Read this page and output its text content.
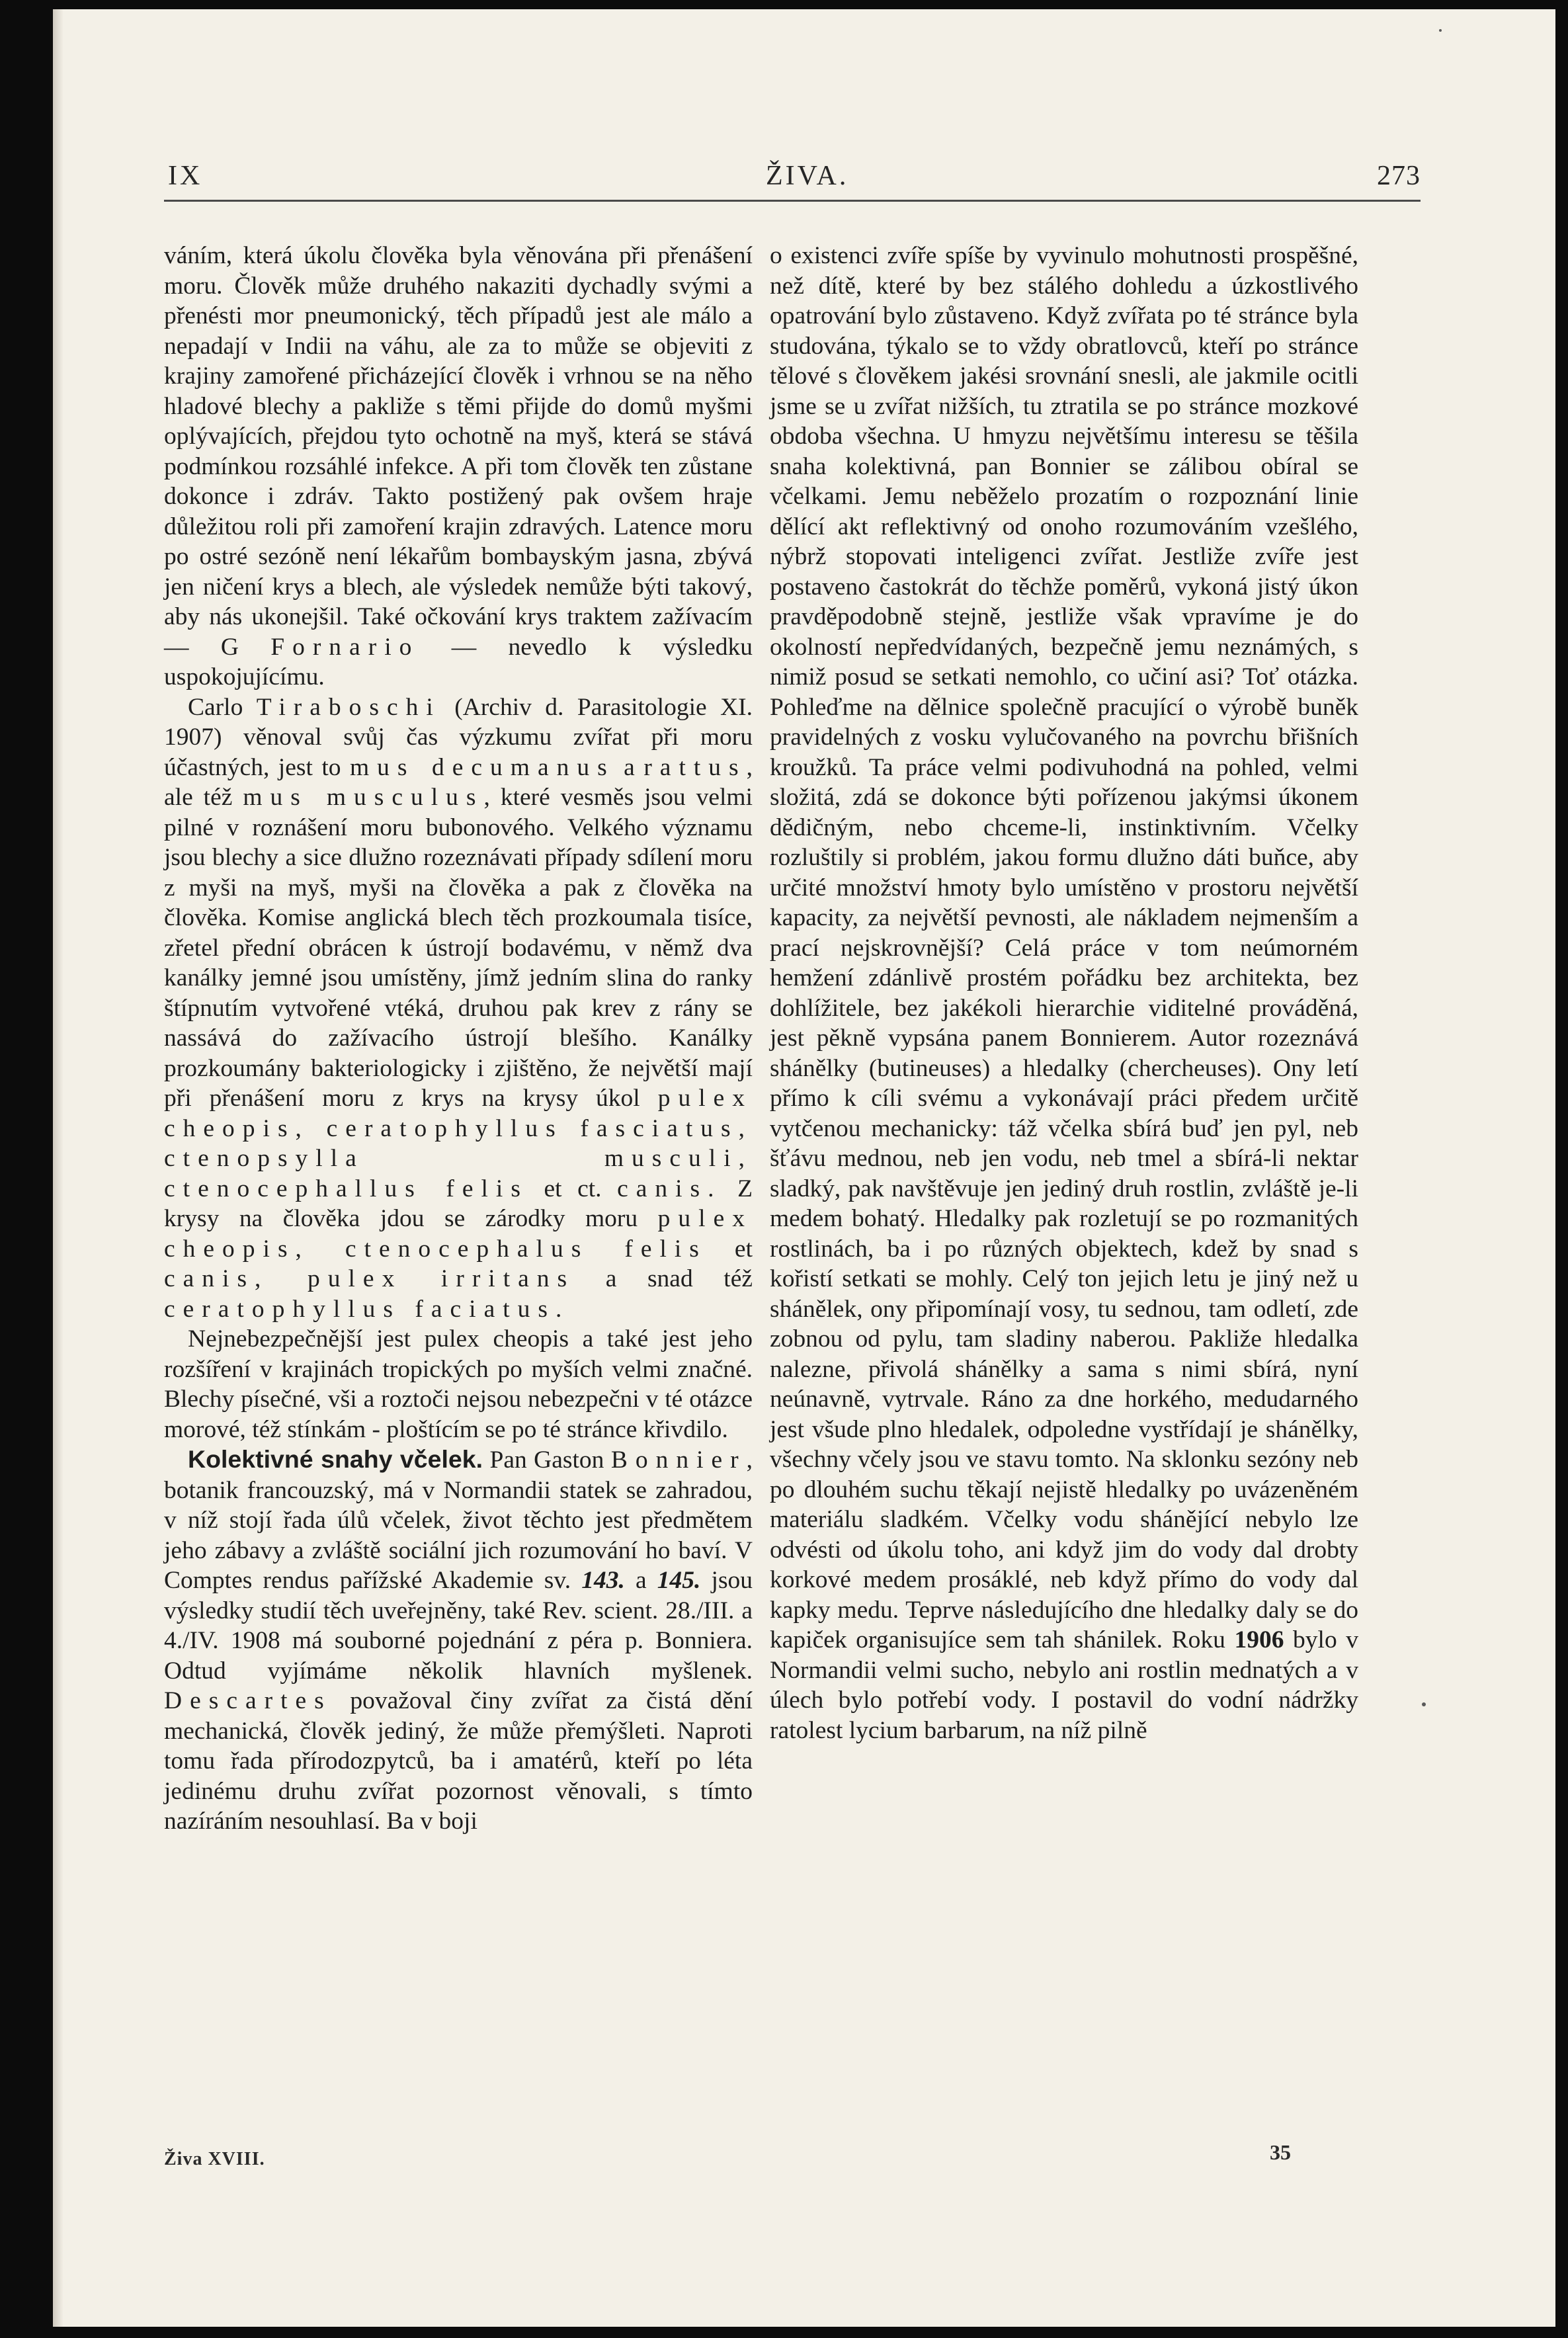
IX	ŽIVA.	273

váním, která úkolu člověka byla věnována při přenášení moru. Člověk může druhého nakaziti dychadly svými a přenésti mor pneumonický, těch případů jest ale málo a nepadají v Indii na váhu, ale za to může se objeviti z krajiny zamořené přicházející člověk i vrhnou se na něho hladové blechy a pakliže s těmi přijde do domů myšmi oplývajících, přejdou tyto ochotně na myš, která se stává podmínkou rozsáhlé infekce. A při tom člověk ten zůstane dokonce i zdráv. Takto postižený pak ovšem hraje důležitou roli při zamoření krajin zdravých. Latence moru po ostré sezóně není lékařům bombayským jasna, zbývá jen ničení krys a blech, ale výsledek nemůže býti takový, aby nás ukonejšil. Také očkování krys traktem zažívacím — G Fornario — nevedlo k výsledku uspokojujícímu.

Carlo Tiraboschi (Archiv d. Parasitologie XI. 1907) věnoval svůj čas výzkumu zvířat při moru účastných, jest to mus decumanus a rattus, ale též mus musculus, které vesměs jsou velmi pilné v roznášení moru bubonového. Velkého významu jsou blechy a sice dlužno rozeznávati případy sdílení moru z myši na myš, myši na člověka a pak z člověka na člověka. Komise anglická blech těch prozkoumala tisíce, zřetel přední obrácen k ústrojí bodavému, v němž dva kanálky jemné jsou umístěny, jímž jedním slina do ranky štípnutím vytvořené vtéká, druhou pak krev z rány se nassává do zažívacího ústrojí blešího. Kanálky prozkoumány bakteriologicky i zjištěno, že největší mají při přenášení moru z krys na krysy úkol pulex cheopis, ceratophyllus fasciatus, ctenopsylla musculi, ctenocephallus felis et ct. canis. Z krysy na člověka jdou se zárodky moru pulex cheopis, ctenocephalus felis et canis, pulex irritans a snad též ceratophyllus faciatus.

Nejnebezpečnější jest pulex cheopis a také jest jeho rozšíření v krajinách tropických po myších velmi značné. Blechy písečné, vši a roztoči nejsou nebezpečni v té otázce morové, též stínkám - ploštícím se po té stránce křivdilo.

Kolektivné snahy včelek. Pan Gaston Bonnier, botanik francouzský, má v Normandii statek se zahradou, v níž stojí řada úlů včelek, život těchto jest předmětem jeho zábavy a zvláště sociální jich rozumování ho baví. V Comptes rendus pařížské Akademie sv. 143. a 145. jsou výsledky studií těch uveřejněny, také Rev. scient. 28./III. a 4./IV. 1908 má souborné pojednání z péra p. Bonniera. Odtud vyjímáme několik hlavních myšlenek. Descartes považoval činy zvířat za čistá dění mechanická, člověk jediný, že může přemýšleti. Naproti tomu řada přírodozpytců, ba i amatérů, kteří po léta jedinému druhu zvířat pozornost věnovali, s tímto nazíráním nesouhlasí. Ba v boji

o existenci zvíře spíše by vyvinulo mohutnosti prospěšné, než dítě, které by bez stálého dohledu a úzkostlivého opatrování bylo zůstaveno. Když zvířata po té stránce byla studována, týkalo se to vždy obratlovců, kteří po stránce tělové s člověkem jakési srovnání snesli, ale jakmile ocitli jsme se u zvířat nižších, tu ztratila se po stránce mozkové obdoba všechna. U hmyzu největšímu interesu se těšila snaha kolektivná, pan Bonnier se zálibou obíral se včelkami. Jemu neběželo prozatím o rozpoznání linie dělící akt reflektivný od onoho rozumováním vzešlého, nýbrž stopovati inteligenci zvířat. Jestliže zvíře jest postaveno častokrát do těchže poměrů, vykoná jistý úkon pravděpodobně stejně, jestliže však vpravíme je do okolností nepředvídaných, bezpečně jemu neznámých, s nimiž posud se setkati nemohlo, co učiní asi? Toť otázka. Pohleďme na dělnice společně pracující o výrobě buněk pravidelných z vosku vylučovaného na povrchu břišních kroužků. Ta práce velmi podivuhodná na pohled, velmi složitá, zdá se dokonce býti pořízenou jakýmsi úkonem dědičným, nebo chceme-li, instinktivním. Včelky rozluštily si problém, jakou formu dlužno dáti buňce, aby určité množství hmoty bylo umístěno v prostoru největší kapacity, za největší pevnosti, ale nákladem nejmenším a prací nejskrovnější? Celá práce v tom neúmorném hemžení zdánlivě prostém pořádku bez architekta, bez dohlížitele, bez jakékoli hierarchie viditelné prováděná, jest pěkně vypsána panem Bonnierem. Autor rozeznává shánělky (butineuses) a hledalky (chercheuses). Ony letí přímo k cíli svému a vykonávají práci předem určitě vytčenou mechanicky: táž včelka sbírá buď jen pyl, neb šťávu mednou, neb jen vodu, neb tmel a sbírá-li nektar sladký, pak navštěvuje jen jediný druh rostlin, zvláště je-li medem bohatý. Hledalky pak rozletují se po rozmanitých rostlinách, ba i po různých objektech, kdež by snad s kořistí setkati se mohly. Celý ton jejich letu je jiný než u shánělek, ony připomínají vosy, tu sednou, tam odletí, zde zobnou od pylu, tam sladiny naberou. Pakliže hledalka nalezne, přivolá shánělky a sama s nimi sbírá, nyní neúnavně, vytrvale. Ráno za dne horkého, medudarného jest všude plno hledalek, odpoledne vystřídají je shánělky, všechny včely jsou ve stavu tomto. Na sklonku sezóny neb po dlouhém suchu těkají nejistě hledalky po uvázeněném materiálu sladkém. Včelky vodu shánějící nebylo lze odvésti od úkolu toho, ani když jim do vody dal drobty korkové medem prosáklé, neb když přímo do vody dal kapky medu. Teprve následujícího dne hledalky daly se do kapiček organisujíce sem tah shánilek. Roku 1906 bylo v Normandii velmi sucho, nebylo ani rostlin mednatých a v úlech bylo potřebí vody. I postavil do vodní nádržky ratolest lycium barbarum, na níž pilně

Živa XVIII.	35
